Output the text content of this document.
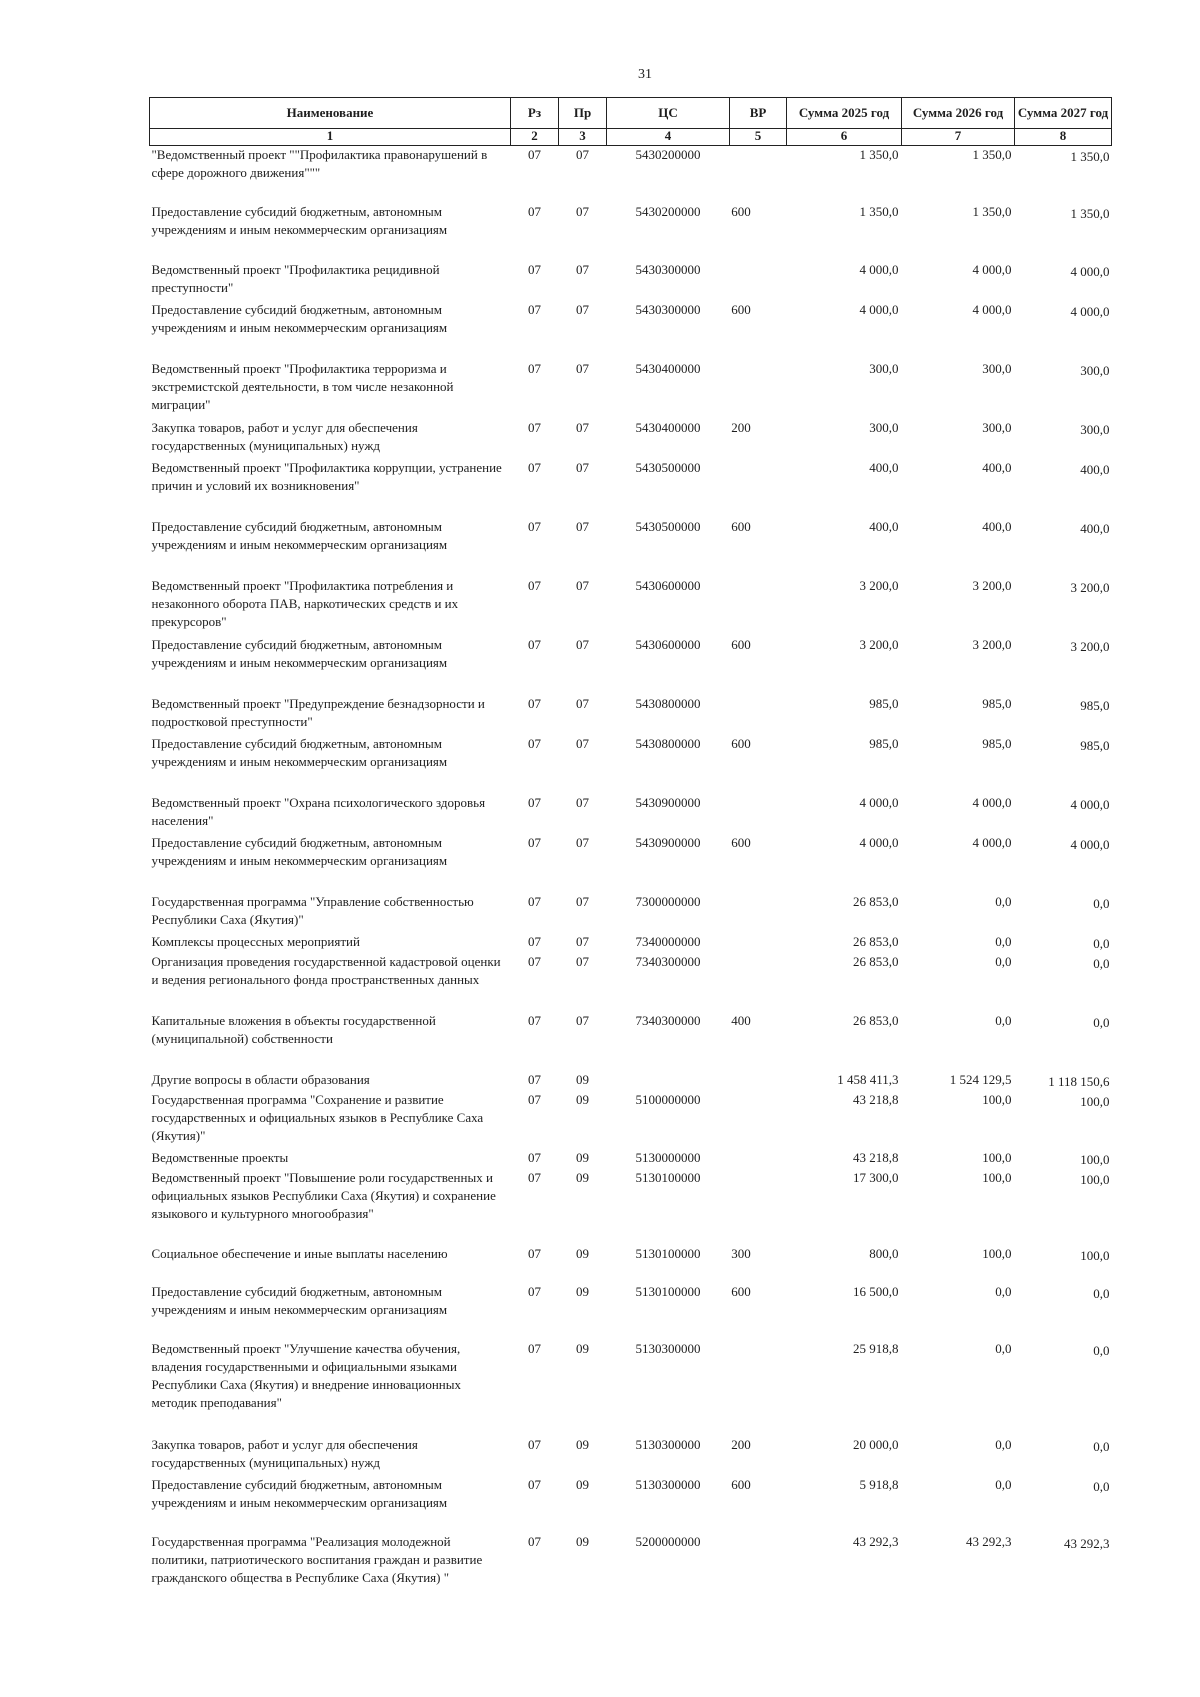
31
Наименование	Рз	Пр	ЦС	ВР	Сумма 2025 год	Сумма 2026 год	Сумма 2027 год
1	2	3	4	5	6	7	8
"Ведомственный проект ""Профилактика правонарушений в сфере дорожного движения"""	07	07	5430200000		1 350,0	1 350,0	1 350,0
Предоставление субсидий бюджетным, автономным учреждениям и иным некоммерческим организациям	07	07	5430200000	600	1 350,0	1 350,0	1 350,0
Ведомственный проект "Профилактика рецидивной преступности"	07	07	5430300000		4 000,0	4 000,0	4 000,0
Предоставление субсидий бюджетным, автономным учреждениям и иным некоммерческим организациям	07	07	5430300000	600	4 000,0	4 000,0	4 000,0
Ведомственный проект "Профилактика терроризма и экстремистской деятельности, в том числе незаконной миграции"	07	07	5430400000		300,0	300,0	300,0
Закупка товаров, работ и услуг для обеспечения государственных (муниципальных) нужд	07	07	5430400000	200	300,0	300,0	300,0
Ведомственный проект "Профилактика коррупции, устранение причин и условий их возникновения"	07	07	5430500000		400,0	400,0	400,0
Предоставление субсидий бюджетным, автономным учреждениям и иным некоммерческим организациям	07	07	5430500000	600	400,0	400,0	400,0
Ведомственный проект "Профилактика потребления и незаконного оборота ПАВ, наркотических средств и их прекурсоров"	07	07	5430600000		3 200,0	3 200,0	3 200,0
Предоставление субсидий бюджетным, автономным учреждениям и иным некоммерческим организациям	07	07	5430600000	600	3 200,0	3 200,0	3 200,0
Ведомственный проект "Предупреждение безнадзорности и подростковой преступности"	07	07	5430800000		985,0	985,0	985,0
Предоставление субсидий бюджетным, автономным учреждениям и иным некоммерческим организациям	07	07	5430800000	600	985,0	985,0	985,0
Ведомственный проект "Охрана психологического здоровья населения"	07	07	5430900000		4 000,0	4 000,0	4 000,0
Предоставление субсидий бюджетным, автономным учреждениям и иным некоммерческим организациям	07	07	5430900000	600	4 000,0	4 000,0	4 000,0
Государственная программа "Управление собственностью Республики Саха (Якутия)"	07	07	7300000000		26 853,0	0,0	0,0
Комплексы процессных мероприятий	07	07	7340000000		26 853,0	0,0	0,0
Организация проведения государственной кадастровой оценки и ведения регионального фонда пространственных данных	07	07	7340300000		26 853,0	0,0	0,0
Капитальные вложения в объекты государственной (муниципальной) собственности	07	07	7340300000	400	26 853,0	0,0	0,0
Другие вопросы в области образования	07	09			1 458 411,3	1 524 129,5	1 118 150,6
Государственная программа "Сохранение и развитие государственных и официальных языков в Республике Саха (Якутия)"	07	09	5100000000		43 218,8	100,0	100,0
Ведомственные проекты	07	09	5130000000		43 218,8	100,0	100,0
Ведомственный проект "Повышение роли государственных и официальных языков Республики Саха (Якутия) и сохранение языкового и культурного многообразия"	07	09	5130100000		17 300,0	100,0	100,0
Социальное обеспечение и иные выплаты населению	07	09	5130100000	300	800,0	100,0	100,0
Предоставление субсидий бюджетным, автономным учреждениям и иным некоммерческим организациям	07	09	5130100000	600	16 500,0	0,0	0,0
Ведомственный проект "Улучшение качества обучения, владения государственными и официальными языками Республики Саха (Якутия) и внедрение инновационных методик преподавания"	07	09	5130300000		25 918,8	0,0	0,0
Закупка товаров, работ и услуг для обеспечения государственных (муниципальных) нужд	07	09	5130300000	200	20 000,0	0,0	0,0
Предоставление субсидий бюджетным, автономным учреждениям и иным некоммерческим организациям	07	09	5130300000	600	5 918,8	0,0	0,0
Государственная программа "Реализация молодежной политики, патриотического воспитания граждан и развитие гражданского общества в Республике Саха (Якутия) "	07	09	5200000000		43 292,3	43 292,3	43 292,3
